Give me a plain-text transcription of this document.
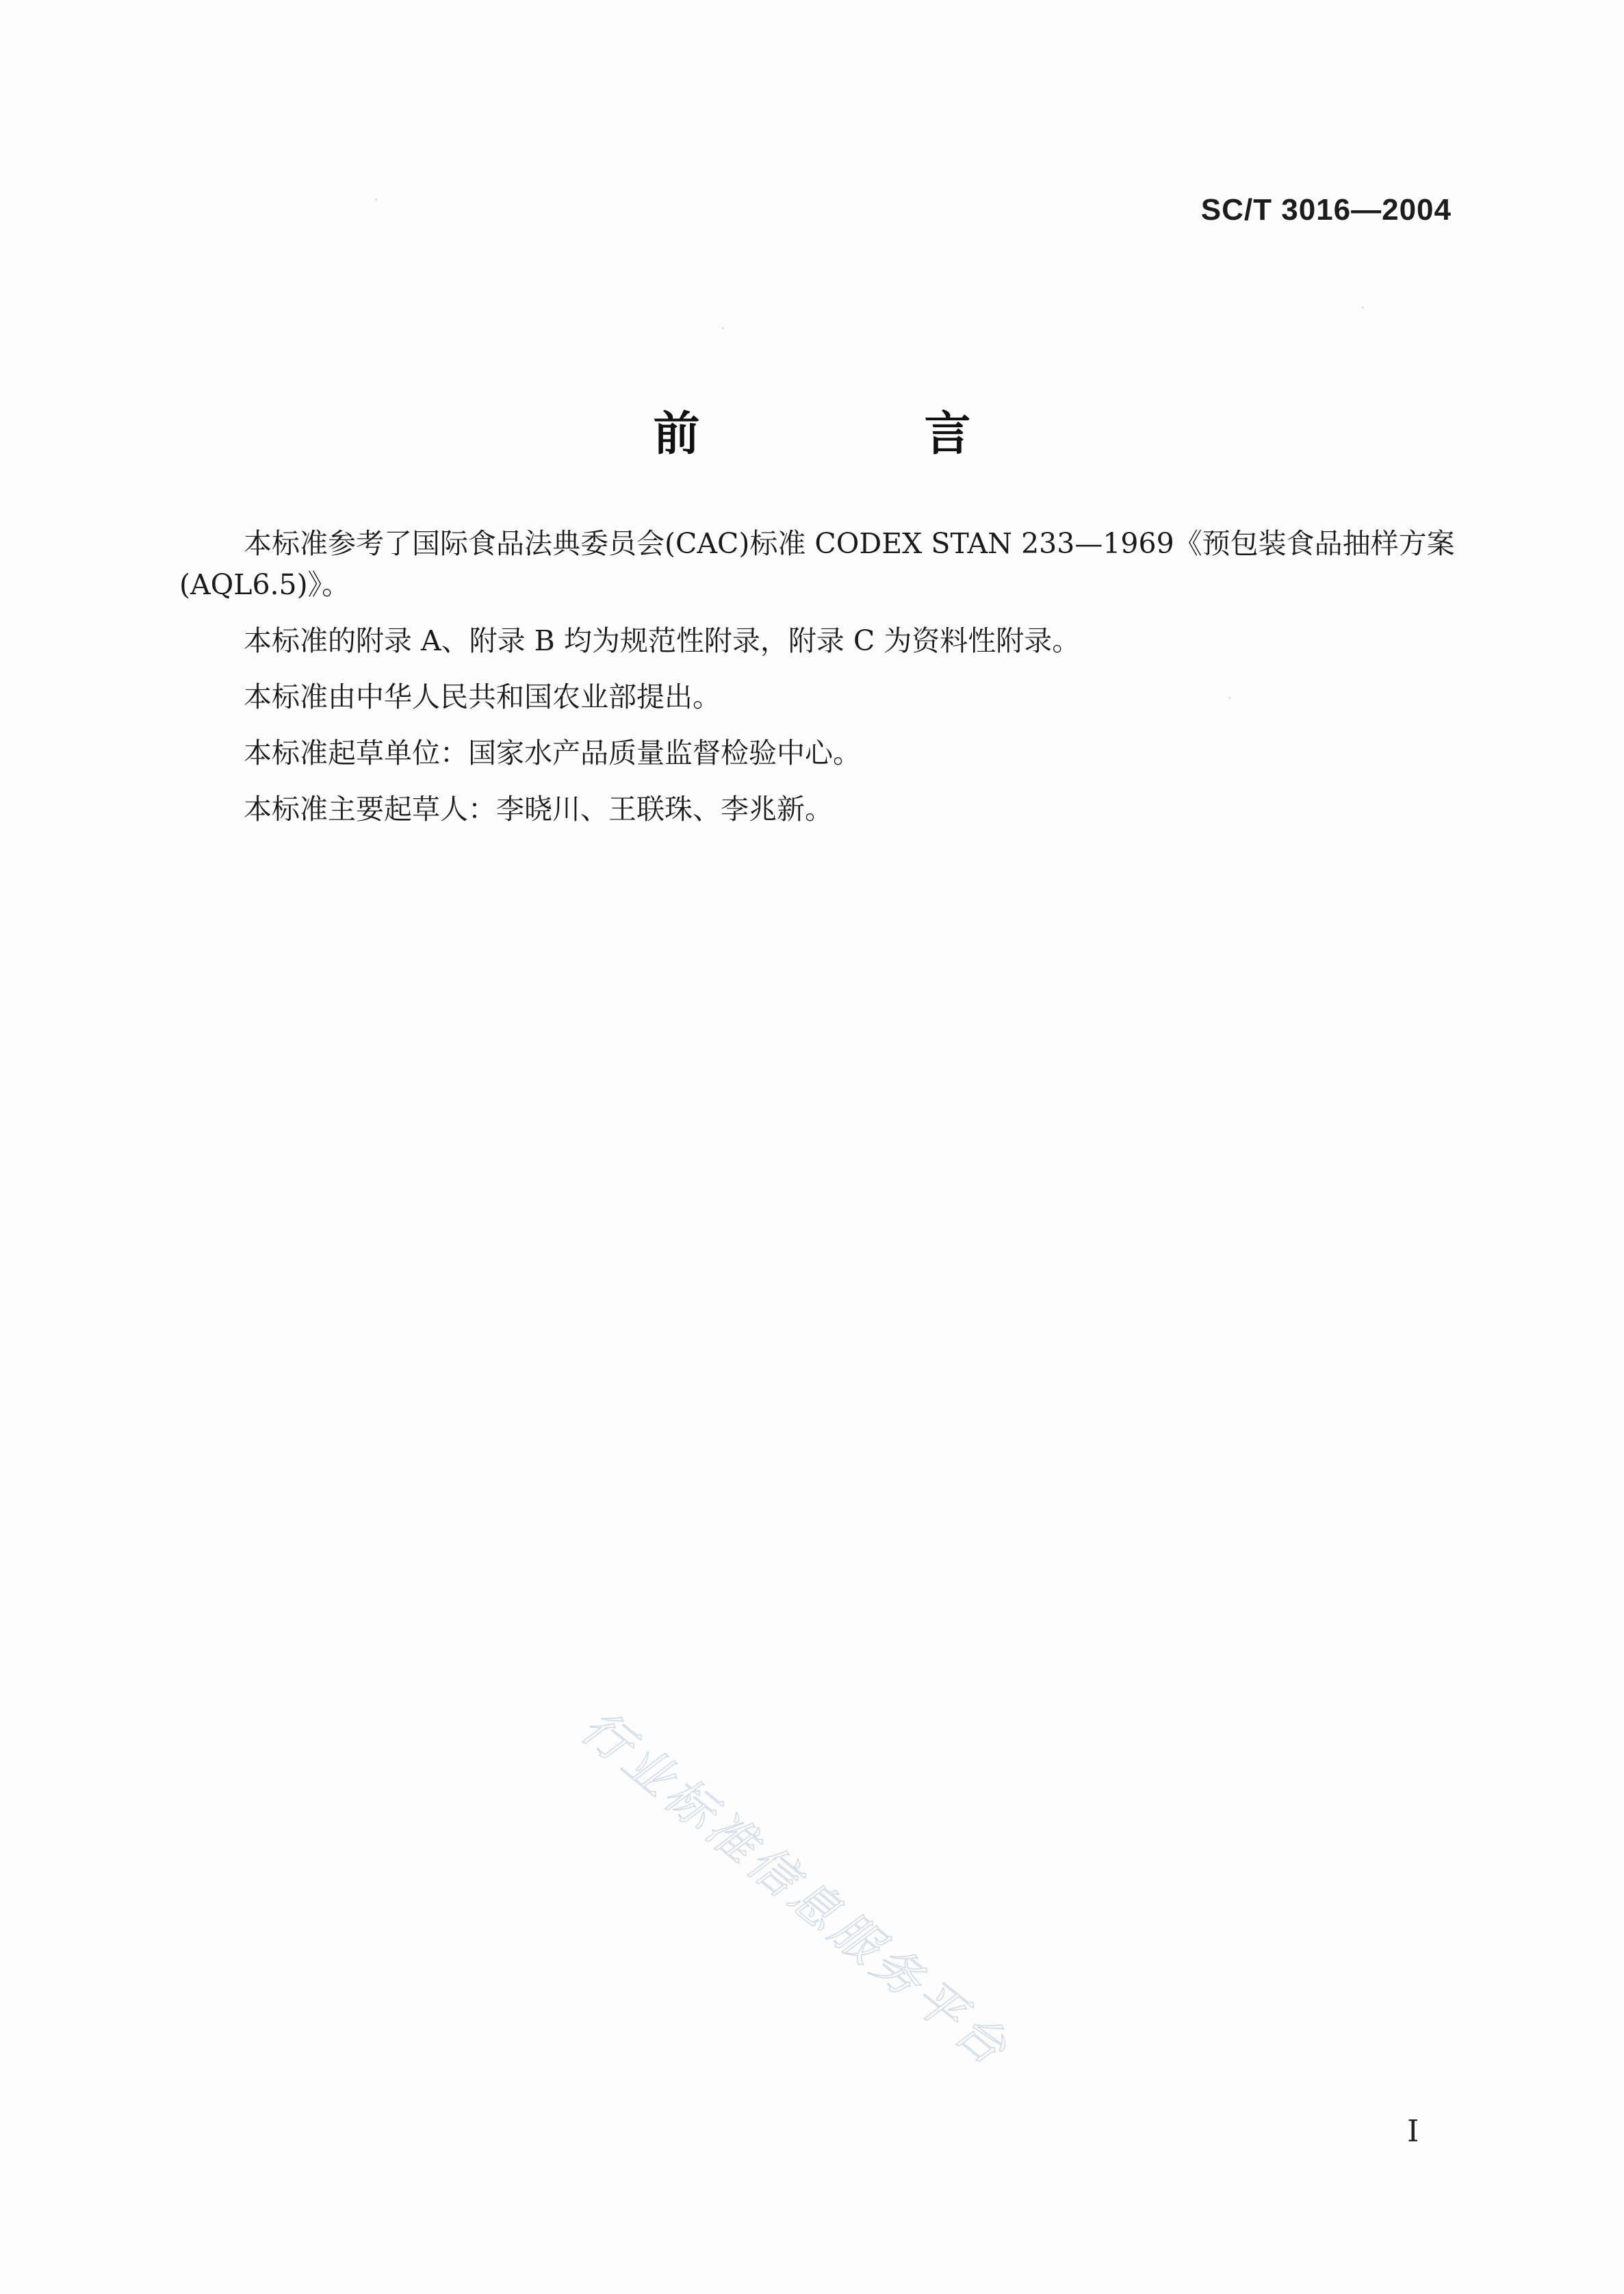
SC/T 3016—2004
前　言

本标准参考了国际食品法典委员会(CAC)标准 CODEX STAN 233—1969《预包装食品抽样方案
(AQL6.5)》。

本标准的附录 A、附录 B 均为规范性附录，附录 C 为资料性附录。

本标准由中华人民共和国农业部提出。

本标准起草单位：国家水产品质量监督检验中心。

本标准主要起草人：李晓川、王联珠、李兆新。

行业标准信息服务平台
I
